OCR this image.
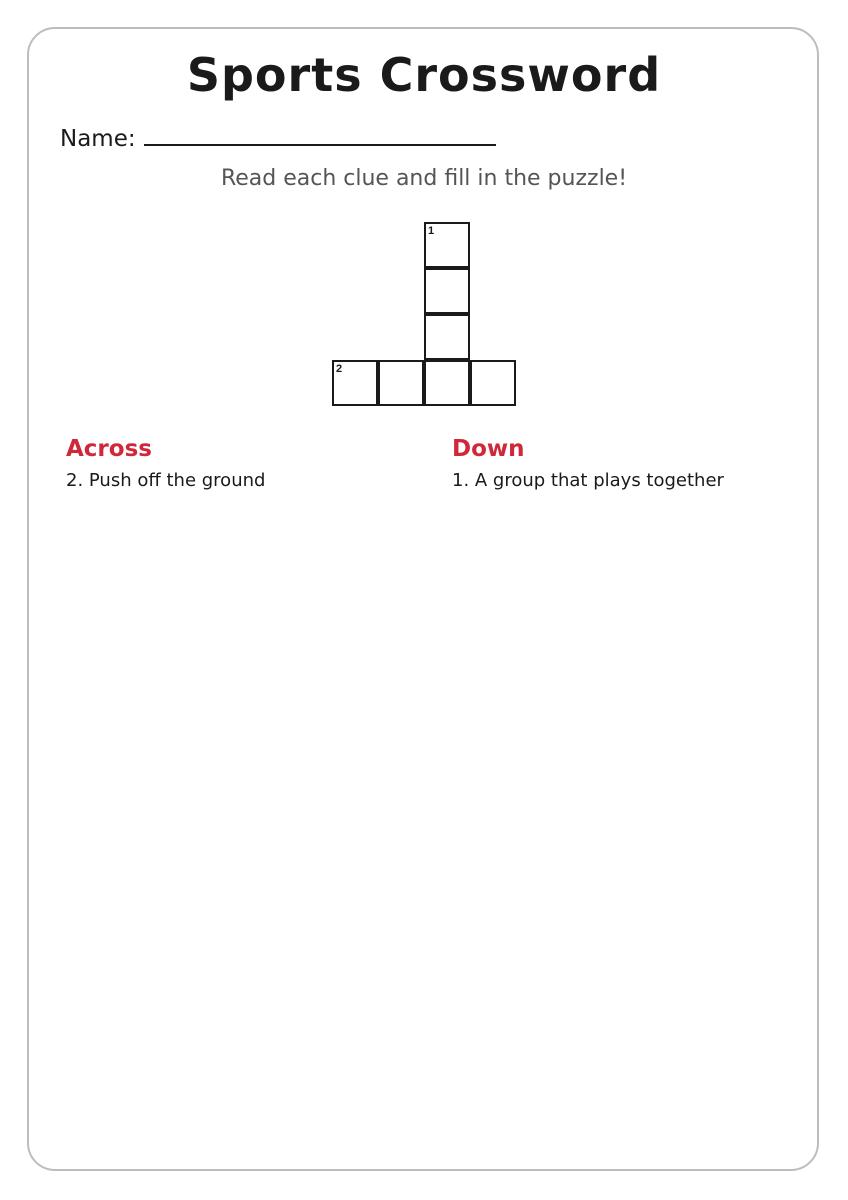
Sports Crossword
Name:
Read each clue and fill in the puzzle!
1
2
Across
2. Push off the ground
Down
1. A group that plays together
